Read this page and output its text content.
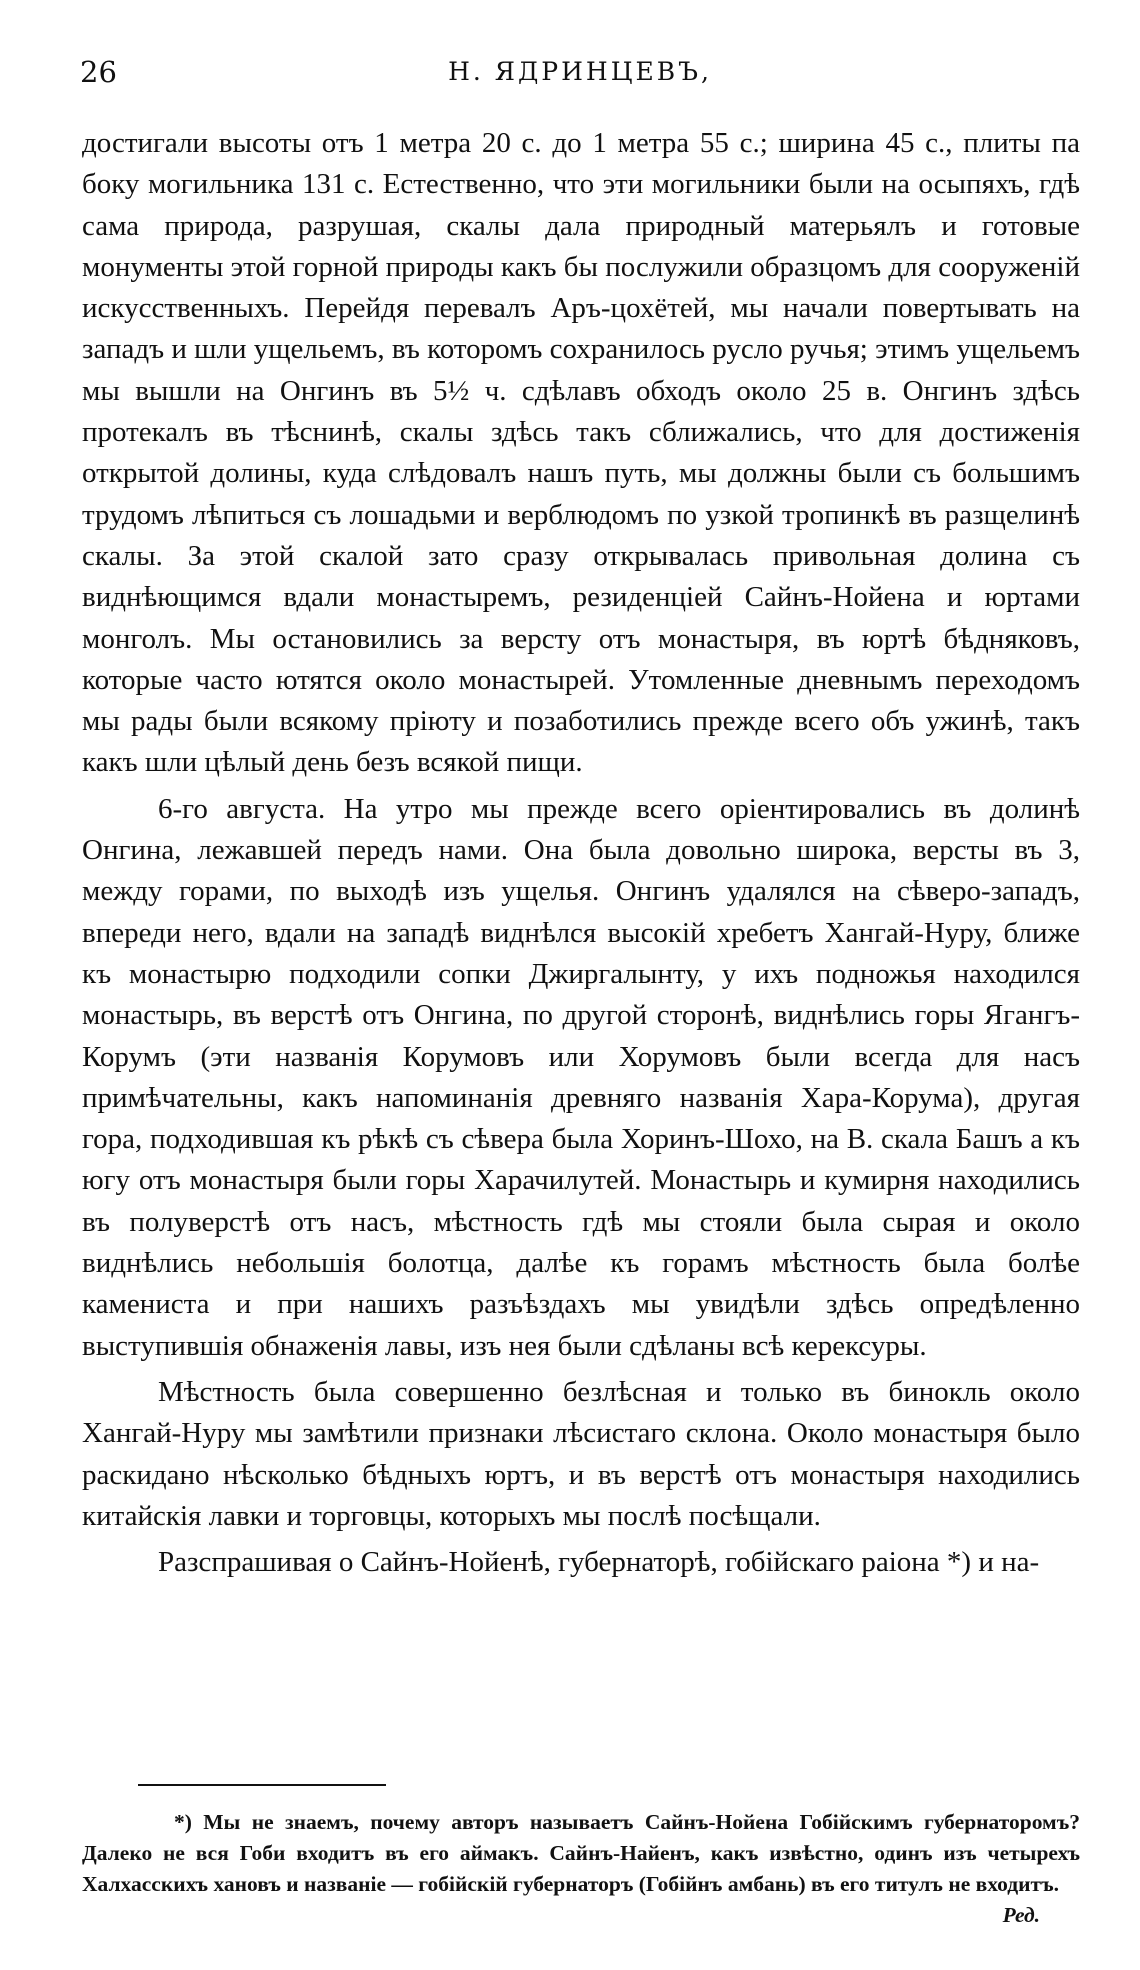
26	Н. ЯДРИНЦЕВЪ,

достигали высоты отъ 1 метра 20 с. до 1 метра 55 с.; ширина 45 с., плиты па боку могильника 131 с. Естественно, что эти могильники были на осыпяхъ, гдѣ сама природа, разрушая, скалы дала природный матерьялъ и готовые монументы этой горной природы какъ бы послужили образцомъ для сооруженій искусственныхъ. Перейдя перевалъ Аръ-цохётей, мы начали повертывать на западъ и шли ущельемъ, въ которомъ сохранилось русло ручья; этимъ ущельемъ мы вышли на Онгинъ въ 5½ ч. сдѣлавъ обходъ около 25 в. Онгинъ здѣсь протекалъ въ тѣснинѣ, скалы здѣсь такъ сближались, что для достиженія открытой долины, куда слѣдовалъ нашъ путь, мы должны были съ большимъ трудомъ лѣпиться съ лошадьми и верблюдомъ по узкой тропинкѣ въ разщелинѣ скалы. За этой скалой зато сразу открывалась привольная долина съ виднѣющимся вдали монастыремъ, резиденціей Сайнъ-Нойена и юртами монголъ. Мы остановились за версту отъ монастыря, въ юртѣ бѣдняковъ, которые часто ютятся около монастырей. Утомленные дневнымъ переходомъ мы рады были всякому пріюту и позаботились прежде всего объ ужинѣ, такъ какъ шли цѣлый день безъ всякой пищи.

6-го августа. На утро мы прежде всего оріентировались въ долинѣ Онгина, лежавшей передъ нами. Она была довольно широка, версты въ 3, между горами, по выходѣ изъ ущелья. Онгинъ удалялся на сѣверо-западъ, впереди него, вдали на западѣ виднѣлся высокій хребетъ Хангай-Нуру, ближе къ монастырю подходили сопки Джиргалынту, у ихъ подножья находился монастырь, въ верстѣ отъ Онгина, по другой сторонѣ, виднѣлись горы Ягангъ-Корумъ (эти названія Корумовъ или Хорумовъ были всегда для насъ примѣчательны, какъ напоминанія древняго названія Хара-Корума), другая гора, подходившая къ рѣкѣ съ сѣвера была Хоринъ-Шохо, на В. скала Башъ а къ югу отъ монастыря были горы Харачилутей. Монастырь и кумирня находились въ полуверстѣ отъ насъ, мѣстность гдѣ мы стояли была сырая и около виднѣлись небольшія болотца, далѣе къ горамъ мѣстность была болѣе камениста и при нашихъ разъѣздахъ мы увидѣли здѣсь опредѣленно выступившія обнаженія лавы, изъ нея были сдѣланы всѣ керексуры.

Мѣстность была совершенно безлѣсная и только въ бинокль около Хангай-Нуру мы замѣтили признаки лѣсистаго склона. Около монастыря было раскидано нѣсколько бѣдныхъ юртъ, и въ верстѣ отъ монастыря находились китайскія лавки и торговцы, которыхъ мы послѣ посѣщали.

Разспрашивая о Сайнъ-Нойенѣ, губернаторѣ, гобійскаго раіона *) и на-

*) Мы не знаемъ, почему авторъ называетъ Сайнъ-Нойена Гобійскимъ губернаторомъ? Далеко не вся Гоби входитъ въ его аймакъ. Сайнъ-Найенъ, какъ извѣстно, одинъ изъ четырехъ Халхасскихъ хановъ и названіе — гобійскій губернаторъ (Гобійнъ амбань) въ его титулъ не входитъ.
Ред.
